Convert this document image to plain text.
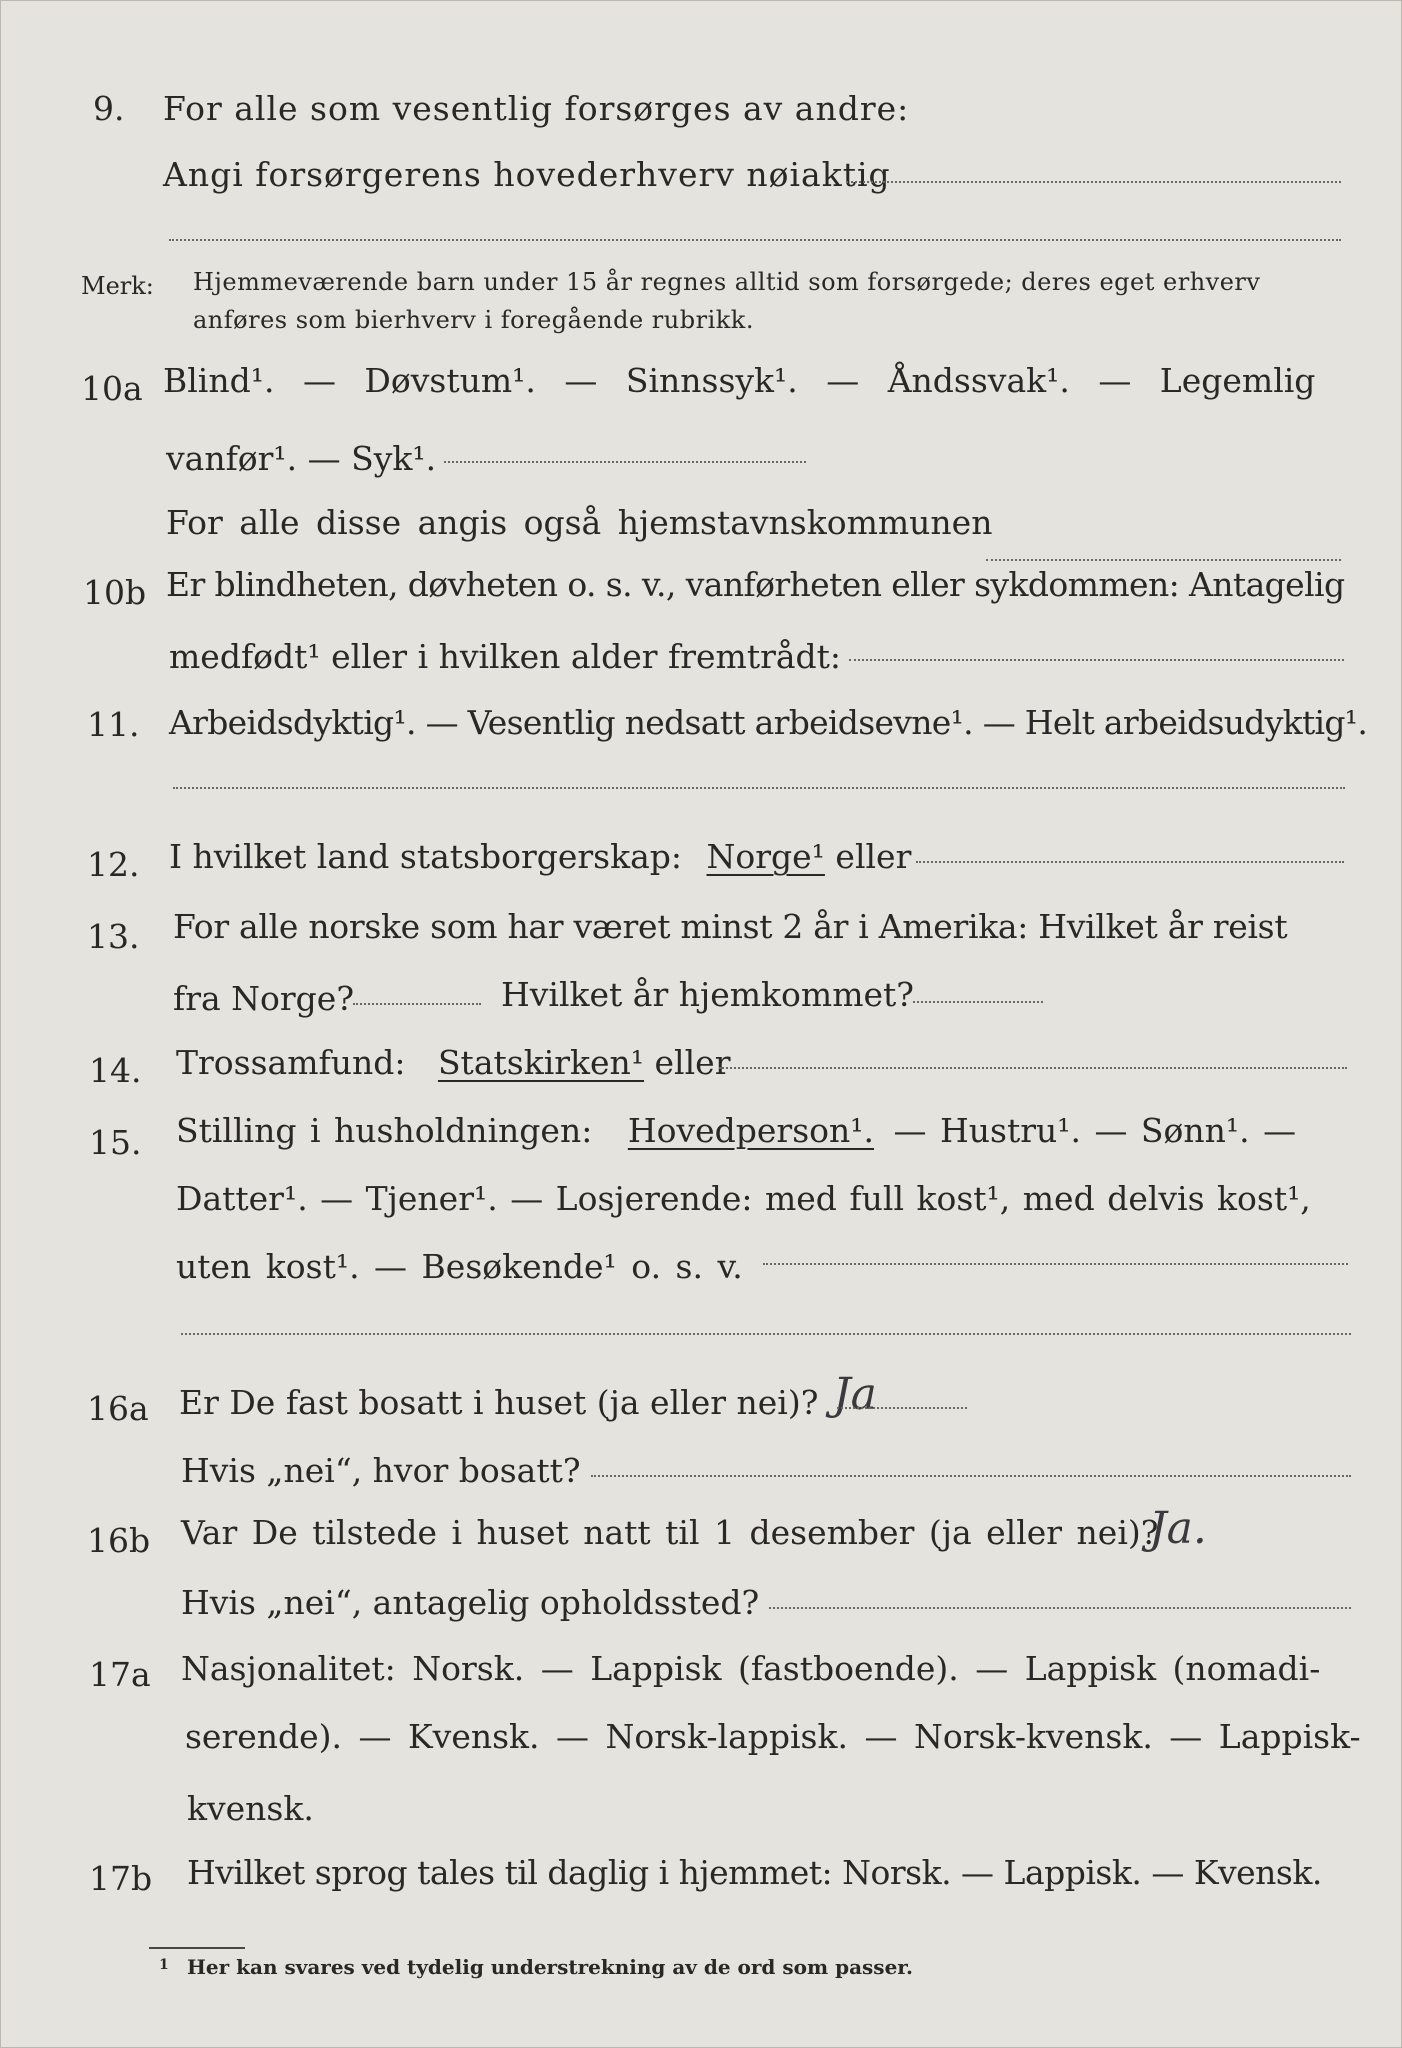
9. For alle som vesentlig forsørges av andre:
Angi forsørgerens hovederhverv nøiaktig
Merk: Hjemmeværende barn under 15 år regnes alltid som forsørgede; deres eget erhverv
anføres som bierhverv i foregående rubrikk.
10a Blind¹. — Døvstum¹. — Sinnssyk¹. — Åndssvak¹. — Legemlig
vanfør¹. — Syk¹.
For alle disse angis også hjemstavnskommunen
10b Er blindheten, døvheten o. s. v., vanførheten eller sykdommen: Antagelig
medfødt¹ eller i hvilken alder fremtrådt:
11. Arbeidsdyktig¹. — Vesentlig nedsatt arbeidsevne¹. — Helt arbeidsudyktig¹.
12. I hvilket land statsborgerskap: Norge¹ eller
13. For alle norske som har været minst 2 år i Amerika: Hvilket år reist
fra Norge?	Hvilket år hjemkommet?
14. Trossamfund: Statskirken¹ eller
15. Stilling i husholdningen: Hovedperson¹. — Hustru¹. — Sønn¹. —
Datter¹. — Tjener¹. — Losjerende: med full kost¹, med delvis kost¹,
uten kost¹. — Besøkende¹ o. s. v.
16a Er De fast bosatt i huset (ja eller nei)? Ja
Hvis „nei“, hvor bosatt?
16b Var De tilstede i huset natt til 1 desember (ja eller nei)?
Ja.
Hvis „nei“, antagelig opholdssted?
17a Nasjonalitet: Norsk. — Lappisk (fastboende). — Lappisk (nomadi-
serende). — Kvensk. — Norsk-lappisk. — Norsk-kvensk. — Lappisk-
kvensk.
17b Hvilket sprog tales til daglig i hjemmet: Norsk. — Lappisk. — Kvensk.
1 Her kan svares ved tydelig understrekning av de ord som passer.
